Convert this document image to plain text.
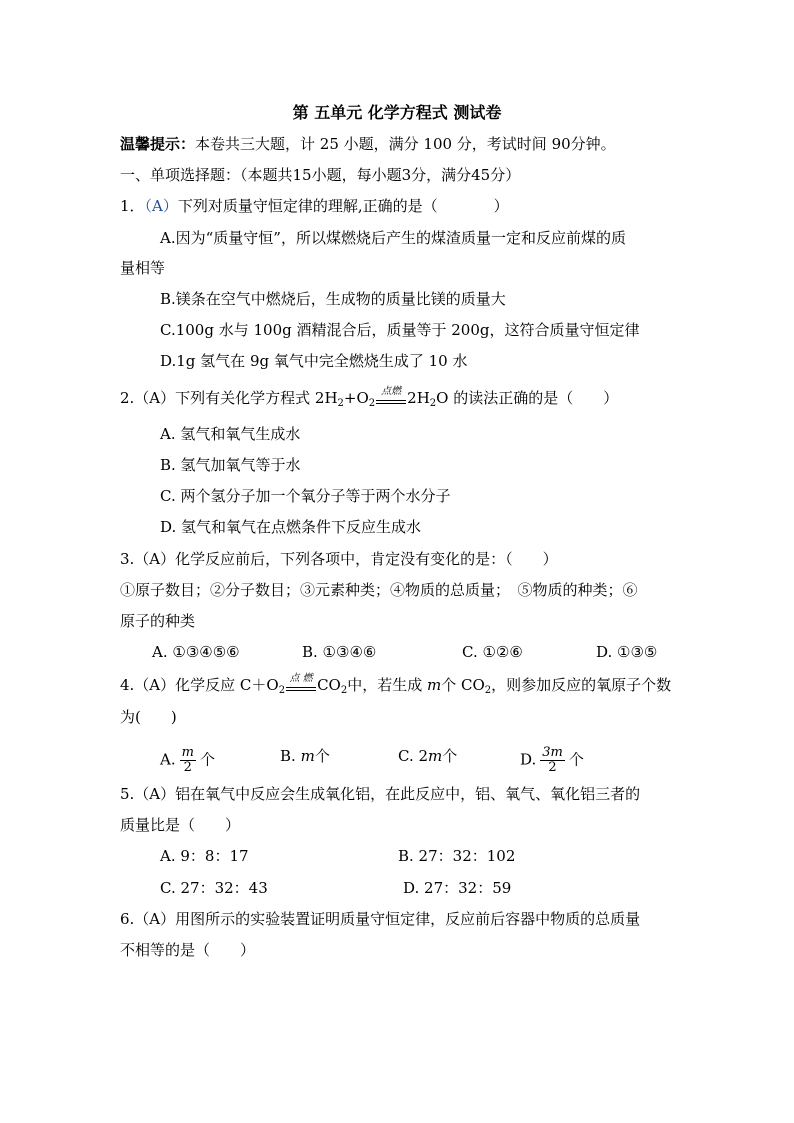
第 五单元 化学方程式 测试卷
温馨提示：本卷共三大题，计 25 小题，满分 100 分，考试时间 90分钟。
一、单项选择题：（本题共15小题，每小题3分，满分45分）
1．（A）下列对质量守恒定律的理解,正确的是（	）
A.因为“质量守恒”，所以煤燃烧后产生的煤渣质量一定和反应前煤的质
量相等
B.镁条在空气中燃烧后，生成物的质量比镁的质量大
C.100g 水与 100g 酒精混合后，质量等于 200g，这符合质量守恒定律
D.1g 氢气在 9g 氧气中完全燃烧生成了 10 水
2.（A）下列有关化学方程式 $2H_2+O_2$
点燃 $2H_2O$ 的读法正确的是（　　）
A. 氢气和氧气生成水
B. 氢气加氧气等于水
C. 两个氢分子加一个氧分子等于两个水分子
D. 氢气和氧气在点燃条件下反应生成水
3.（A）化学反应前后，下列各项中，肯定没有变化的是：（　　）
①原子数目；②分子数目；③元素种类；④物质的总质量；　⑤物质的种类；⑥
原子的种类
A. ①③④⑤⑥	B. ①③④⑥	C. ①②⑥	D. ①③⑤
4.（A）化学反应 $C+O_2$
点 燃 $CO_2$中，若生成 m个 $CO_2$，则参加反应的氧原子个数
为(　　)
A. $\frac{m}{2}$ 个	B. m个	C. 2m个	D. $\frac{3m}{2}$ 个
5.（A）铝在氧气中反应会生成氧化铝，在此反应中，铝、氧气、氧化铝三者的
质量比是（　　）
A. 9：8：17	B. 27：32：102
C. 27：32：43	D. 27：32：59
6.（A）用图所示的实验装置证明质量守恒定律，反应前后容器中物质的总质量
不相等的是（　　）
